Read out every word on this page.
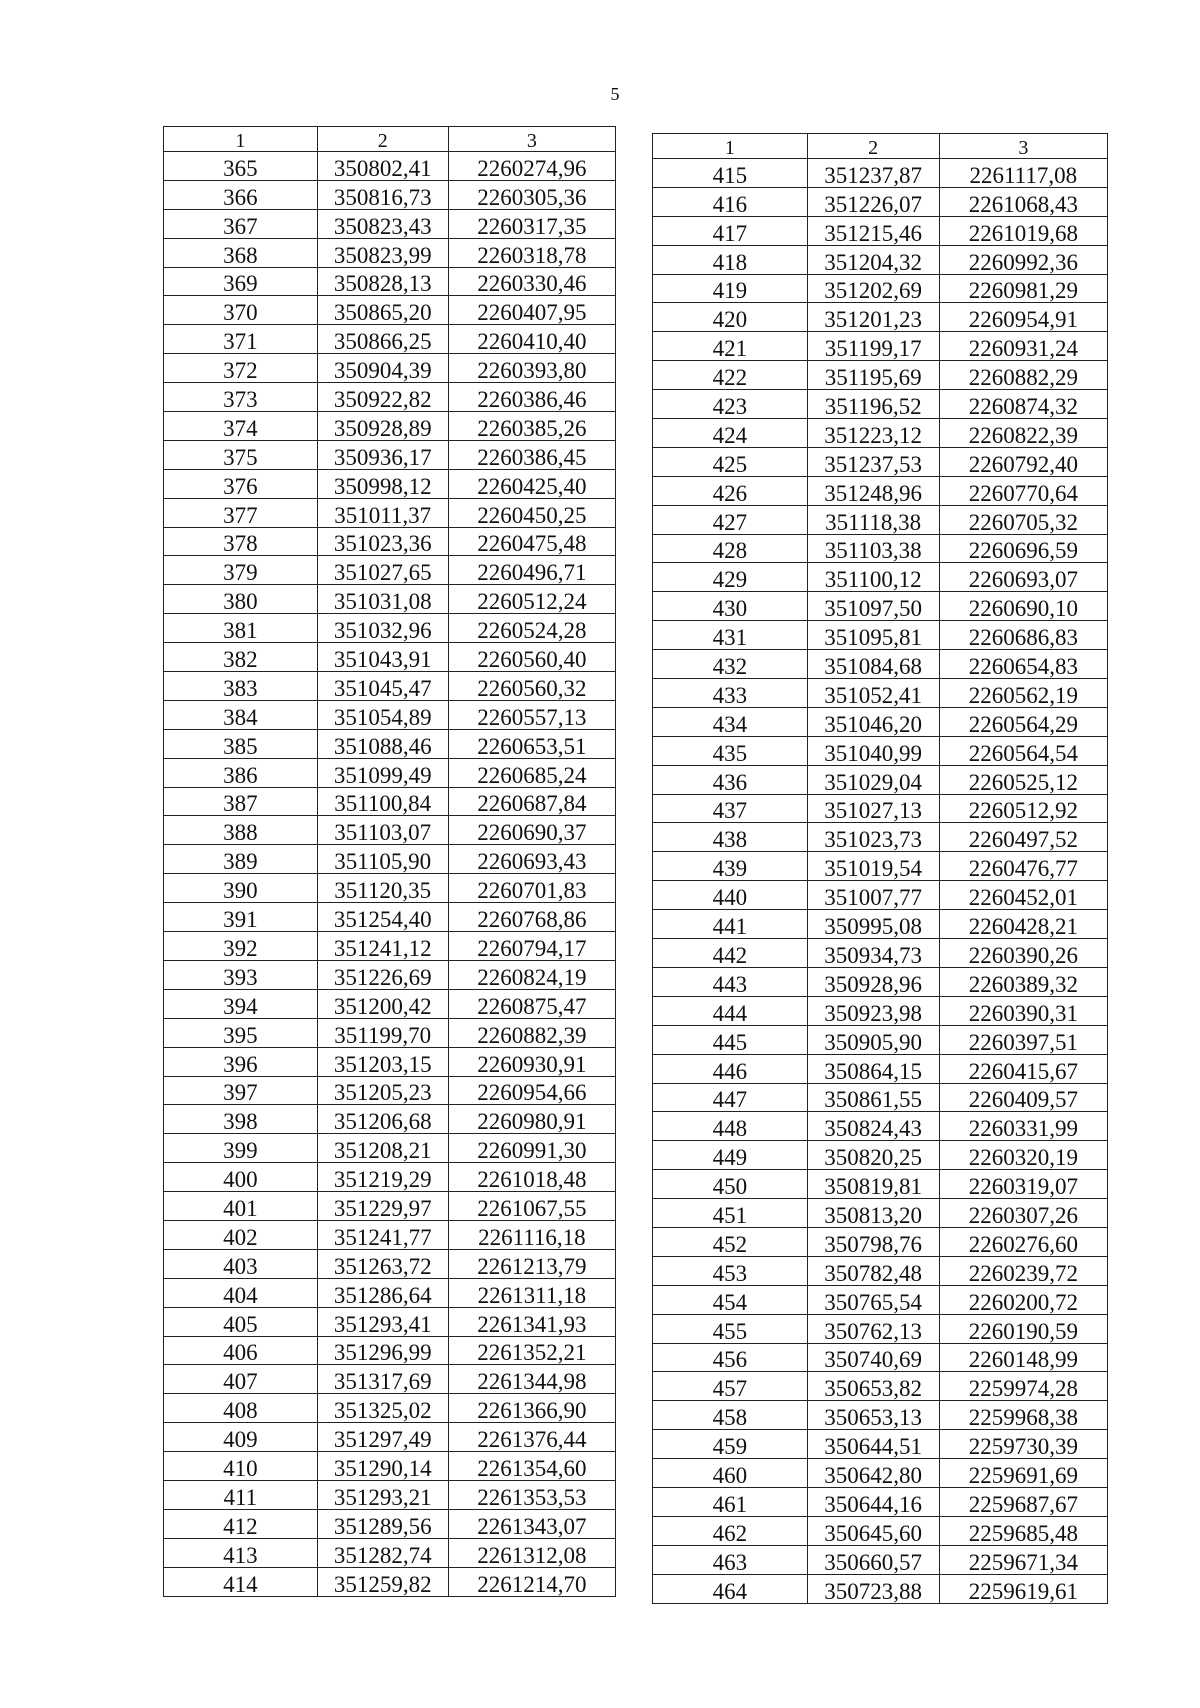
5
1	2	3
365	350802,41	2260274,96
366	350816,73	2260305,36
367	350823,43	2260317,35
368	350823,99	2260318,78
369	350828,13	2260330,46
370	350865,20	2260407,95
371	350866,25	2260410,40
372	350904,39	2260393,80
373	350922,82	2260386,46
374	350928,89	2260385,26
375	350936,17	2260386,45
376	350998,12	2260425,40
377	351011,37	2260450,25
378	351023,36	2260475,48
379	351027,65	2260496,71
380	351031,08	2260512,24
381	351032,96	2260524,28
382	351043,91	2260560,40
383	351045,47	2260560,32
384	351054,89	2260557,13
385	351088,46	2260653,51
386	351099,49	2260685,24
387	351100,84	2260687,84
388	351103,07	2260690,37
389	351105,90	2260693,43
390	351120,35	2260701,83
391	351254,40	2260768,86
392	351241,12	2260794,17
393	351226,69	2260824,19
394	351200,42	2260875,47
395	351199,70	2260882,39
396	351203,15	2260930,91
397	351205,23	2260954,66
398	351206,68	2260980,91
399	351208,21	2260991,30
400	351219,29	2261018,48
401	351229,97	2261067,55
402	351241,77	2261116,18
403	351263,72	2261213,79
404	351286,64	2261311,18
405	351293,41	2261341,93
406	351296,99	2261352,21
407	351317,69	2261344,98
408	351325,02	2261366,90
409	351297,49	2261376,44
410	351290,14	2261354,60
411	351293,21	2261353,53
412	351289,56	2261343,07
413	351282,74	2261312,08
414	351259,82	2261214,70
1	2	3
415	351237,87	2261117,08
416	351226,07	2261068,43
417	351215,46	2261019,68
418	351204,32	2260992,36
419	351202,69	2260981,29
420	351201,23	2260954,91
421	351199,17	2260931,24
422	351195,69	2260882,29
423	351196,52	2260874,32
424	351223,12	2260822,39
425	351237,53	2260792,40
426	351248,96	2260770,64
427	351118,38	2260705,32
428	351103,38	2260696,59
429	351100,12	2260693,07
430	351097,50	2260690,10
431	351095,81	2260686,83
432	351084,68	2260654,83
433	351052,41	2260562,19
434	351046,20	2260564,29
435	351040,99	2260564,54
436	351029,04	2260525,12
437	351027,13	2260512,92
438	351023,73	2260497,52
439	351019,54	2260476,77
440	351007,77	2260452,01
441	350995,08	2260428,21
442	350934,73	2260390,26
443	350928,96	2260389,32
444	350923,98	2260390,31
445	350905,90	2260397,51
446	350864,15	2260415,67
447	350861,55	2260409,57
448	350824,43	2260331,99
449	350820,25	2260320,19
450	350819,81	2260319,07
451	350813,20	2260307,26
452	350798,76	2260276,60
453	350782,48	2260239,72
454	350765,54	2260200,72
455	350762,13	2260190,59
456	350740,69	2260148,99
457	350653,82	2259974,28
458	350653,13	2259968,38
459	350644,51	2259730,39
460	350642,80	2259691,69
461	350644,16	2259687,67
462	350645,60	2259685,48
463	350660,57	2259671,34
464	350723,88	2259619,61
